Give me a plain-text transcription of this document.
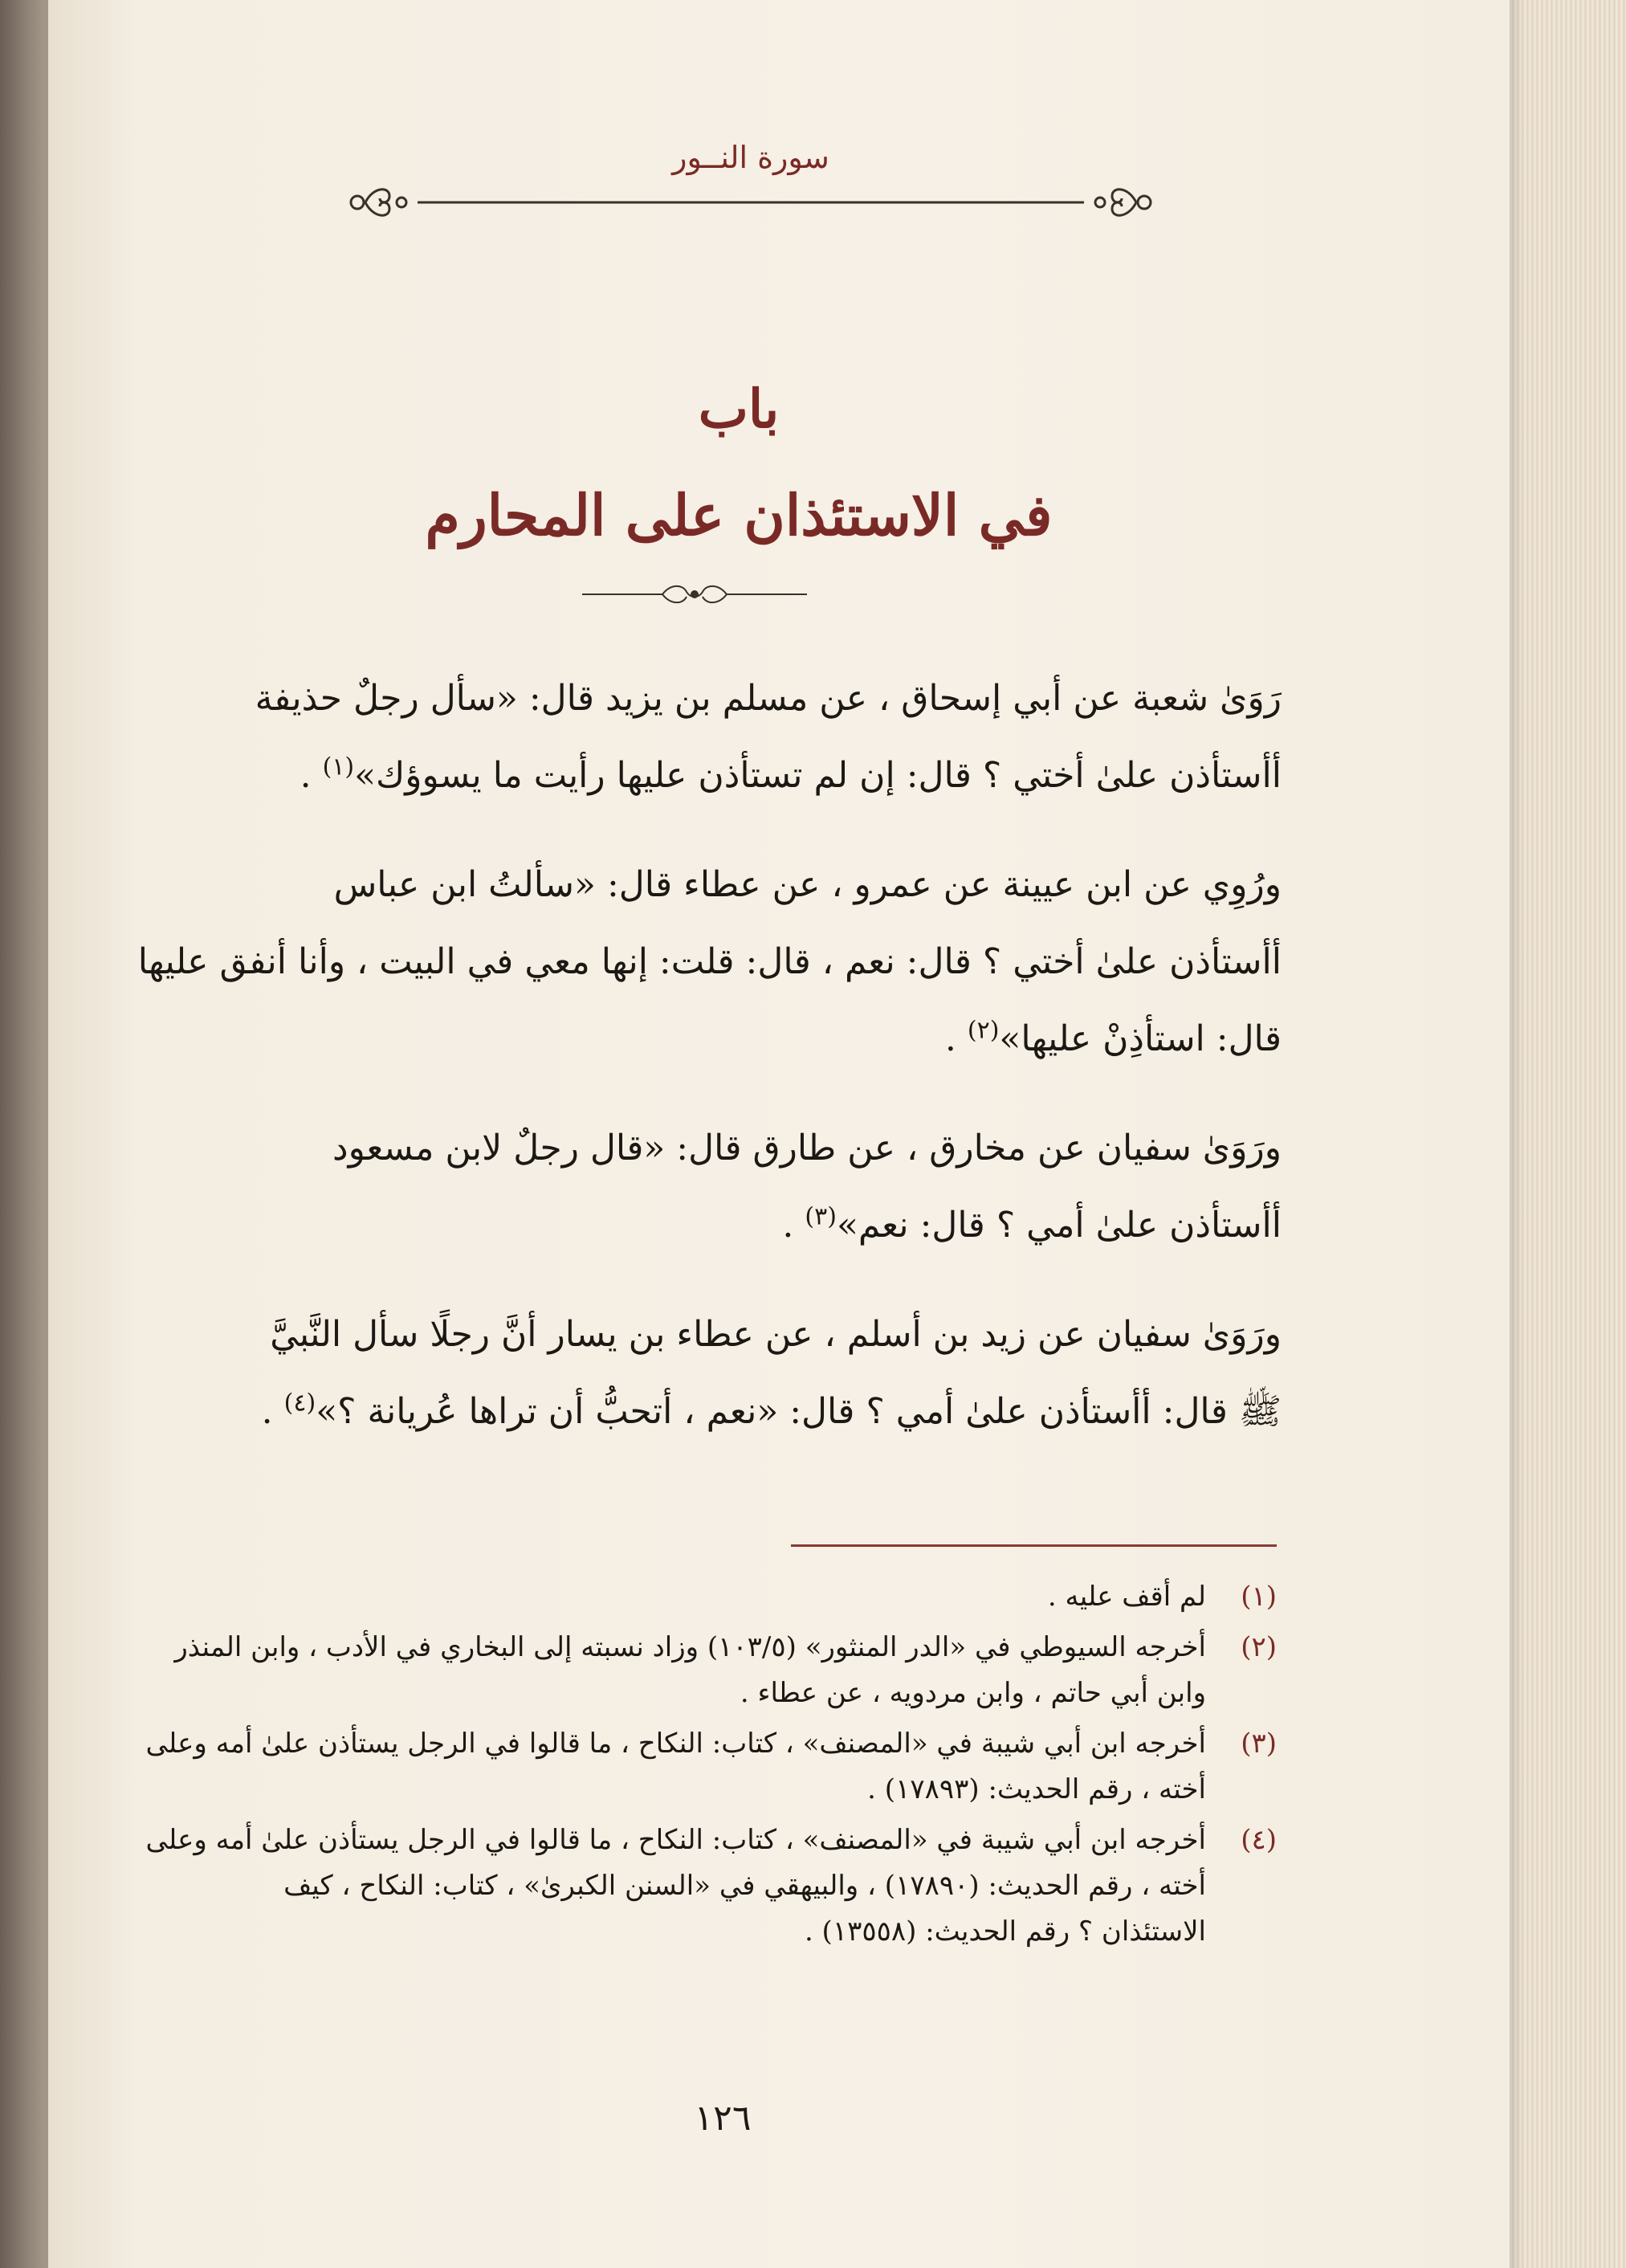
سورة النــور
باب
في الاستئذان على المحارم

رَوَىٰ شعبة عن أبي إسحاق ، عن مسلم بن يزيد قال: «سأل رجلٌ حذيفة

أأستأذن علىٰ أختي ؟ قال: إن لم تستأذن عليها رأيت ما يسوؤك»$^{(١)}$ .

ورُوِي عن ابن عيينة عن عمرو ، عن عطاء قال: «سألتُ ابن عباس

أأستأذن علىٰ أختي ؟ قال: نعم ، قال: قلت: إنها معي في البيت ، وأنا أنفق عليها

قال: استأذِنْ عليها»$^{(٢)}$ .

ورَوَىٰ سفيان عن مخارق ، عن طارق قال: «قال رجلٌ لابن مسعود

أأستأذن علىٰ أمي ؟ قال: نعم»$^{(٣)}$ .

ورَوَىٰ سفيان عن زيد بن أسلم ، عن عطاء بن يسار أنَّ رجلًا سأل النَّبيَّ

ﷺ قال: أأستأذن علىٰ أمي ؟ قال: «نعم ، أتحبُّ أن تراها عُريانة ؟»$^{(٤)}$ .

(١)
لم أقف عليه .
(٢)
أخرجه السيوطي في «الدر المنثور» (١٠٣/٥) وزاد نسبته إلى البخاري في الأدب ، وابن المنذر
وابن أبي حاتم ، وابن مردويه ، عن عطاء .
(٣)
أخرجه ابن أبي شيبة في «المصنف» ، كتاب: النكاح ، ما قالوا في الرجل يستأذن علىٰ أمه وعلى
أخته ، رقم الحديث: (١٧٨٩٣) .
(٤)
أخرجه ابن أبي شيبة في «المصنف» ، كتاب: النكاح ، ما قالوا في الرجل يستأذن علىٰ أمه وعلى
أخته ، رقم الحديث: (١٧٨٩٠) ، والبيهقي في «السنن الكبرىٰ» ، كتاب: النكاح ، كيف
الاستئذان ؟ رقم الحديث: (١٣٥٥٨) .
١٢٦
